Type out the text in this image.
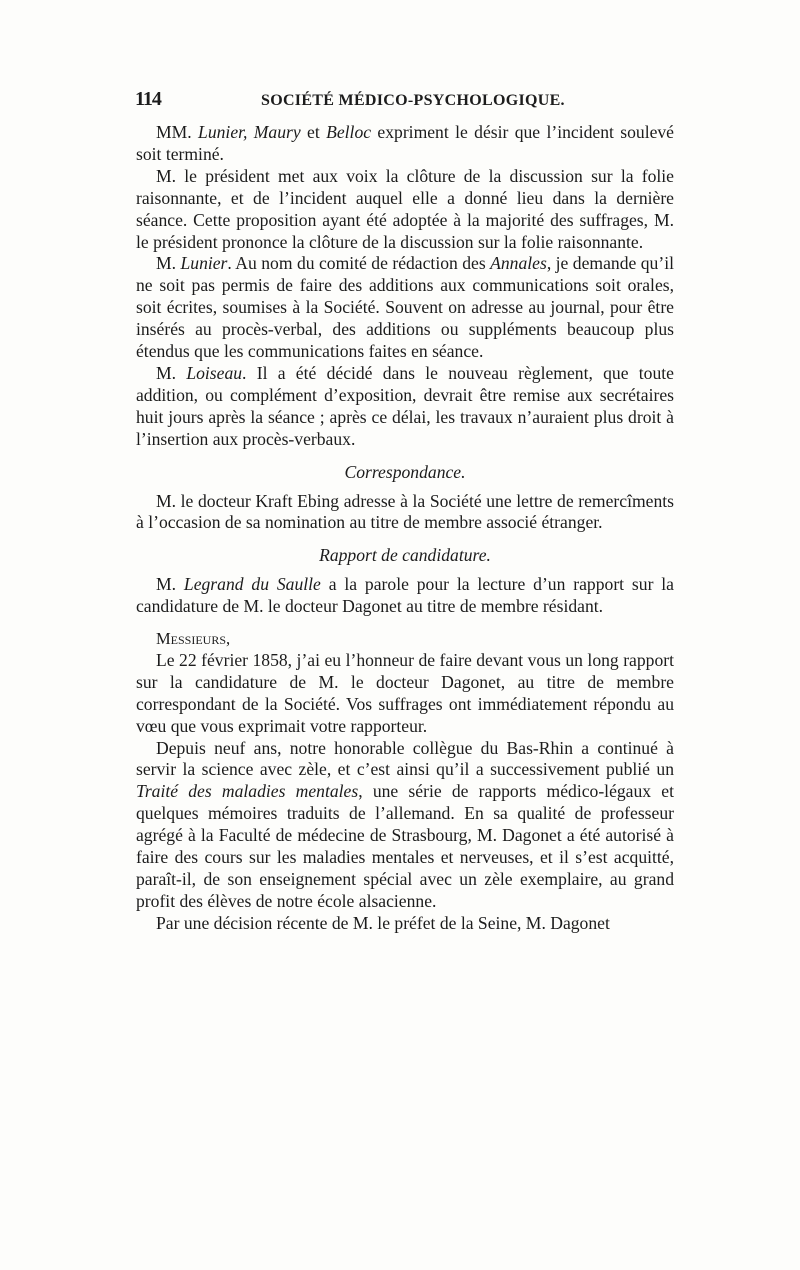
114	SOCIÉTÉ MÉDICO-PSYCHOLOGIQUE.

MM. Lunier, Maury et Belloc expriment le désir que l’incident soulevé soit terminé.

M. le président met aux voix la clôture de la discussion sur la folie raisonnante, et de l’incident auquel elle a donné lieu dans la dernière séance. Cette proposition ayant été adoptée à la majorité des suffrages, M. le président prononce la clôture de la discussion sur la folie raisonnante.

M. Lunier. Au nom du comité de rédaction des Annales, je demande qu’il ne soit pas permis de faire des additions aux communications soit orales, soit écrites, soumises à la Société. Souvent on adresse au journal, pour être insérés au procès-verbal, des additions ou suppléments beaucoup plus étendus que les communications faites en séance.

M. Loiseau. Il a été décidé dans le nouveau règlement, que toute addition, ou complément d’exposition, devrait être remise aux secrétaires huit jours après la séance ; après ce délai, les travaux n’auraient plus droit à l’insertion aux procès-verbaux.

Correspondance.

M. le docteur Kraft Ebing adresse à la Société une lettre de remercîments à l’occasion de sa nomination au titre de membre associé étranger.

Rapport de candidature.

M. Legrand du Saulle a la parole pour la lecture d’un rapport sur la candidature de M. le docteur Dagonet au titre de membre résidant.

Messieurs,

Le 22 février 1858, j’ai eu l’honneur de faire devant vous un long rapport sur la candidature de M. le docteur Dagonet, au titre de membre correspondant de la Société. Vos suffrages ont immédiatement répondu au vœu que vous exprimait votre rapporteur.

Depuis neuf ans, notre honorable collègue du Bas-Rhin a continué à servir la science avec zèle, et c’est ainsi qu’il a successivement publié un Traité des maladies mentales, une série de rapports médico-légaux et quelques mémoires traduits de l’allemand. En sa qualité de professeur agrégé à la Faculté de médecine de Strasbourg, M. Dagonet a été autorisé à faire des cours sur les maladies mentales et nerveuses, et il s’est acquitté, paraît-il, de son enseignement spécial avec un zèle exemplaire, au grand profit des élèves de notre école alsacienne.

Par une décision récente de M. le préfet de la Seine, M. Dagonet
